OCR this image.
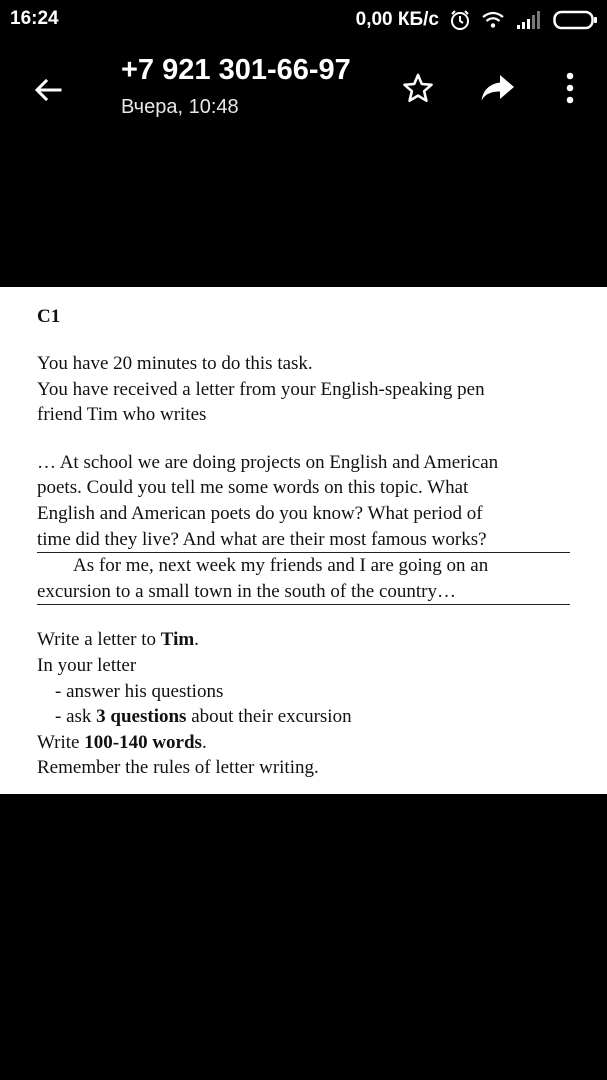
16:24	0,00 КБ/с
+7 921 301-66-97
Вчера, 10:48
C1
You have 20 minutes to do this task.
You have received a letter from your English-speaking pen
friend Tim who writes
… At school we are doing projects on English and American
poets. Could you tell me some words on this topic. What
English and American poets do you know? What period of
time did they live? And what are their most famous works?
As for me, next week my friends and I are going on an
excursion to a small town in the south of the country…
Write a letter to Tim.
In your letter
- answer his questions
- ask 3 questions about their excursion
Write 100-140 words.
Remember the rules of letter writing.
